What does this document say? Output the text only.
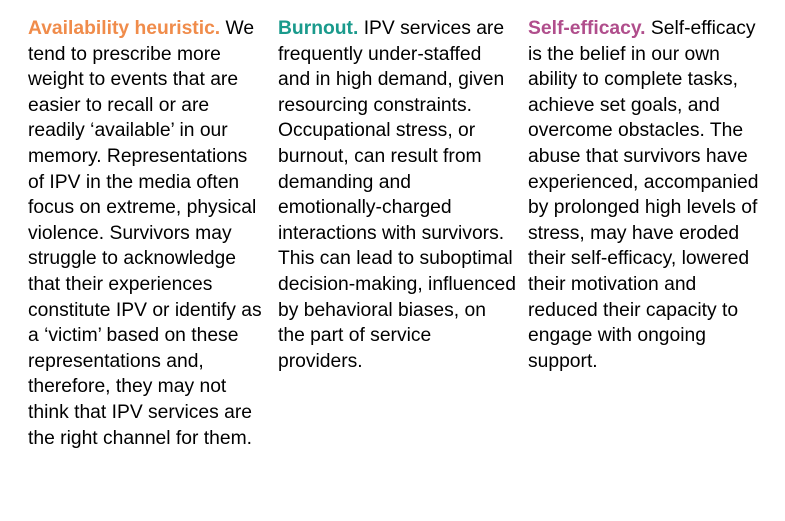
Availability heuristic. We tend to prescribe more weight to events that are easier to recall or are readily ‘available’ in our memory. Representations of IPV in the media often focus on extreme, physical violence. Survivors may struggle to acknowledge that their experiences constitute IPV or identify as a ‘victim’ based on these representations and, therefore, they may not think that IPV services are the right channel for them.

Burnout. IPV services are frequently under-staffed and in high demand, given resourcing constraints. Occupational stress, or burnout, can result from demanding and emotionally-charged interactions with survivors. This can lead to suboptimal decision-making, influenced by behavioral biases, on the part of service providers.

Self-efficacy. Self-efficacy is the belief in our own ability to complete tasks, achieve set goals, and overcome obstacles. The abuse that survivors have experienced, accompanied by prolonged high levels of stress, may have eroded their self-efficacy, lowered their motivation and reduced their capacity to engage with ongoing support.
